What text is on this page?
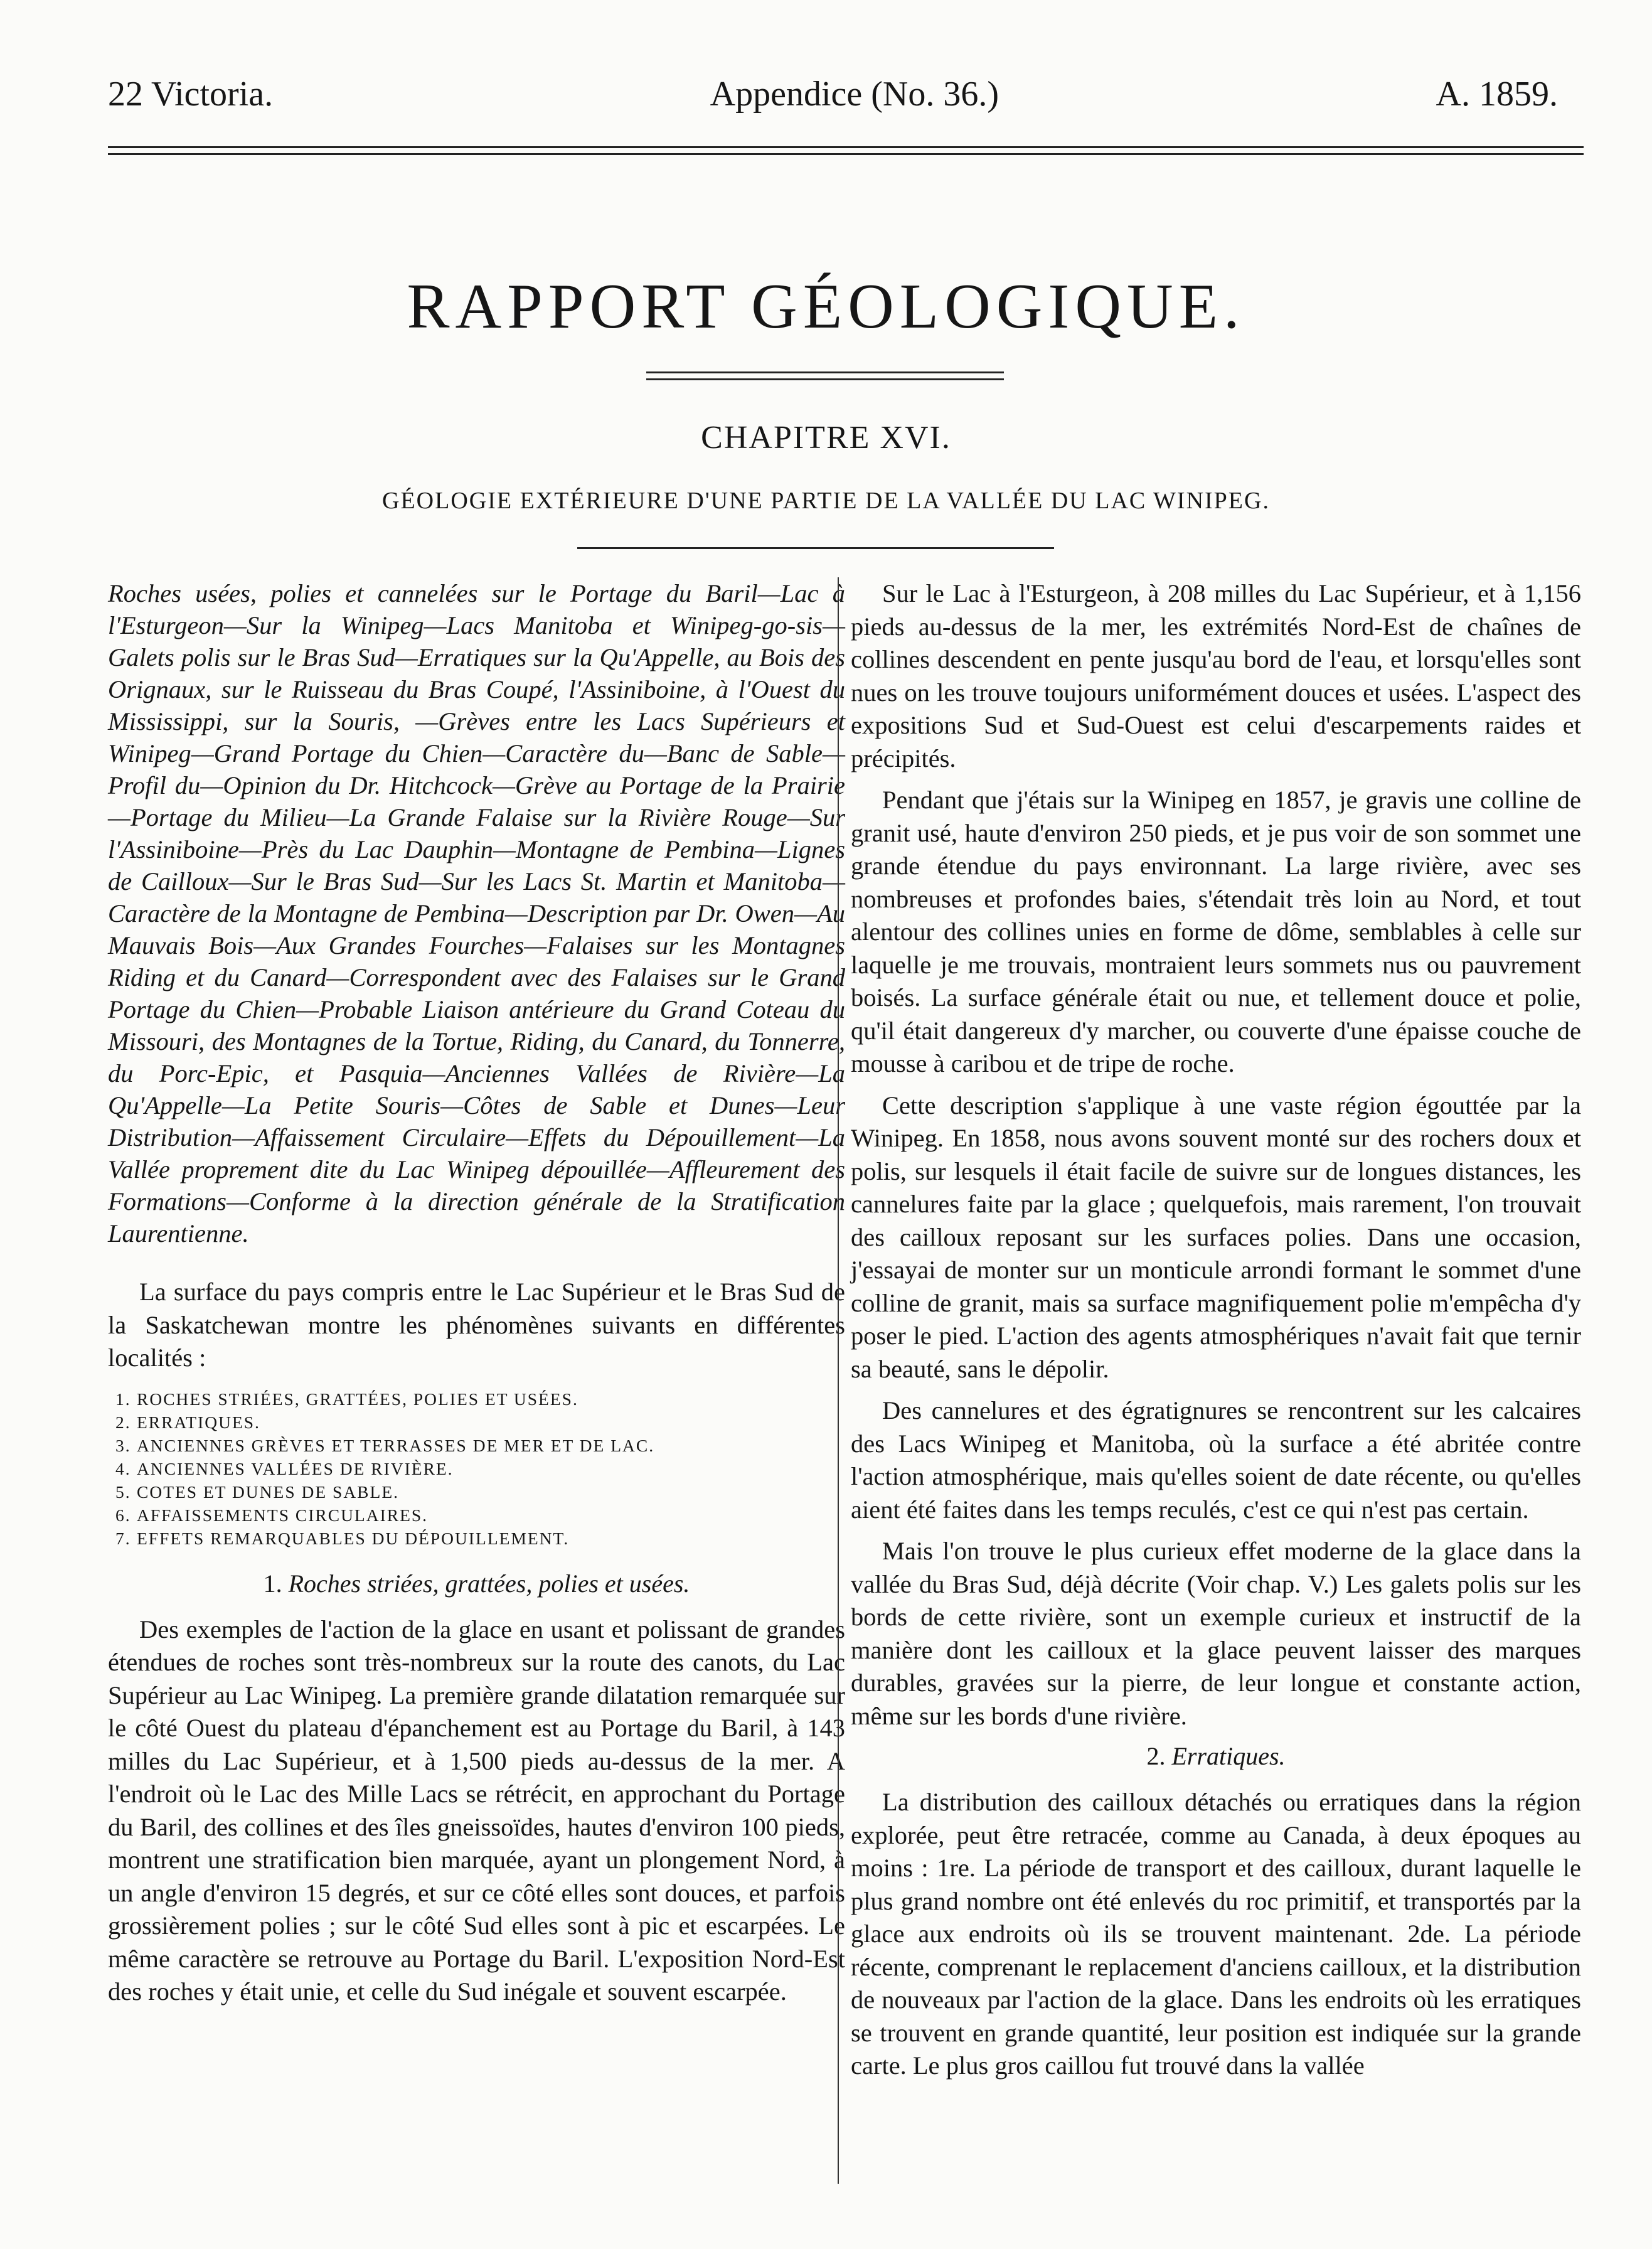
22 Victoria.	Appendice (No. 36.)	A. 1859.
RAPPORT GÉOLOGIQUE.
CHAPITRE XVI.
GÉOLOGIE EXTÉRIEURE D'UNE PARTIE DE LA VALLÉE DU LAC WINIPEG.

Roches usées, polies et cannelées sur le Portage du Baril—Lac à l'Esturgeon—Sur la Winipeg—Lacs Manitoba et Winipeg-go-sis—Galets polis sur le Bras Sud—Erratiques sur la Qu'Appelle, au Bois des Orignaux, sur le Ruisseau du Bras Coupé, l'Assiniboine, à l'Ouest du Mississippi, sur la Souris, —Grèves entre les Lacs Supérieurs et Winipeg—Grand Portage du Chien—Caractère du—Banc de Sable—Profil du—Opinion du Dr. Hitchcock—Grève au Portage de la Prairie —Portage du Milieu—La Grande Falaise sur la Rivière Rouge—Sur l'Assiniboine—Près du Lac Dauphin—Montagne de Pembina—Lignes de Cailloux—Sur le Bras Sud—Sur les Lacs St. Martin et Manitoba—Caractère de la Montagne de Pembina—Description par Dr. Owen—Au Mauvais Bois—Aux Grandes Fourches—Falaises sur les Montagnes Riding et du Canard—Correspondent avec des Falaises sur le Grand Portage du Chien—Probable Liaison antérieure du Grand Coteau du Missouri, des Montagnes de la Tortue, Riding, du Canard, du Tonnerre, du Porc-Epic, et Pasquia—Anciennes Vallées de Rivière—La Qu'Appelle—La Petite Souris—Côtes de Sable et Dunes—Leur Distribution—Affaissement Circulaire—Effets du Dépouillement—La Vallée proprement dite du Lac Winipeg dépouillée—Affleurement des Formations—Conforme à la direction générale de la Stratification Laurentienne.

La surface du pays compris entre le Lac Supérieur et le Bras Sud de la Saskatchewan montre les phénomènes suivants en différentes localités :

1. ROCHES STRIÉES, GRATTÉES, POLIES ET USÉES.
2. ERRATIQUES.
3. ANCIENNES GRÈVES ET TERRASSES DE MER ET DE LAC.
4. ANCIENNES VALLÉES DE RIVIÈRE.
5. COTES ET DUNES DE SABLE.
6. AFFAISSEMENTS CIRCULAIRES.
7. EFFETS REMARQUABLES DU DÉPOUILLEMENT.
1. Roches striées, grattées, polies et usées.

Des exemples de l'action de la glace en usant et polissant de grandes étendues de roches sont très-nombreux sur la route des canots, du Lac Supérieur au Lac Winipeg. La première grande dilatation remarquée sur le côté Ouest du plateau d'épanchement est au Portage du Baril, à 143 milles du Lac Supérieur, et à 1,500 pieds au-dessus de la mer. A l'endroit où le Lac des Mille Lacs se rétrécit, en approchant du Portage du Baril, des collines et des îles gneissoïdes, hautes d'environ 100 pieds, montrent une stratification bien marquée, ayant un plongement Nord, à un angle d'environ 15 degrés, et sur ce côté elles sont douces, et parfois grossièrement polies ; sur le côté Sud elles sont à pic et escarpées. Le même caractère se retrouve au Portage du Baril. L'exposition Nord-Est des roches y était unie, et celle du Sud inégale et souvent escarpée.

Sur le Lac à l'Esturgeon, à 208 milles du Lac Supérieur, et à 1,156 pieds au-dessus de la mer, les extrémités Nord-Est de chaînes de collines descendent en pente jusqu'au bord de l'eau, et lorsqu'elles sont nues on les trouve toujours uniformément douces et usées. L'aspect des expositions Sud et Sud-Ouest est celui d'escarpements raides et précipités.

Pendant que j'étais sur la Winipeg en 1857, je gravis une colline de granit usé, haute d'environ 250 pieds, et je pus voir de son sommet une grande étendue du pays environnant. La large rivière, avec ses nombreuses et profondes baies, s'étendait très loin au Nord, et tout alentour des collines unies en forme de dôme, semblables à celle sur laquelle je me trouvais, montraient leurs sommets nus ou pauvrement boisés. La surface générale était ou nue, et tellement douce et polie, qu'il était dangereux d'y marcher, ou couverte d'une épaisse couche de mousse à caribou et de tripe de roche.

Cette description s'applique à une vaste région égouttée par la Winipeg. En 1858, nous avons souvent monté sur des rochers doux et polis, sur lesquels il était facile de suivre sur de longues distances, les cannelures faite par la glace ; quelquefois, mais rarement, l'on trouvait des cailloux reposant sur les surfaces polies. Dans une occasion, j'essayai de monter sur un monticule arrondi formant le sommet d'une colline de granit, mais sa surface magnifiquement polie m'empêcha d'y poser le pied. L'action des agents atmosphériques n'avait fait que ternir sa beauté, sans le dépolir.

Des cannelures et des égratignures se rencontrent sur les calcaires des Lacs Winipeg et Manitoba, où la surface a été abritée contre l'action atmosphérique, mais qu'elles soient de date récente, ou qu'elles aient été faites dans les temps reculés, c'est ce qui n'est pas certain.

Mais l'on trouve le plus curieux effet moderne de la glace dans la vallée du Bras Sud, déjà décrite (Voir chap. V.) Les galets polis sur les bords de cette rivière, sont un exemple curieux et instructif de la manière dont les cailloux et la glace peuvent laisser des marques durables, gravées sur la pierre, de leur longue et constante action, même sur les bords d'une rivière.

2. Erratiques.

La distribution des cailloux détachés ou erratiques dans la région explorée, peut être retracée, comme au Canada, à deux époques au moins : 1re. La période de transport et des cailloux, durant laquelle le plus grand nombre ont été enlevés du roc primitif, et transportés par la glace aux endroits où ils se trouvent maintenant. 2de. La période récente, comprenant le replacement d'anciens cailloux, et la distribution de nouveaux par l'action de la glace. Dans les endroits où les erratiques se trouvent en grande quantité, leur position est indiquée sur la grande carte. Le plus gros caillou fut trouvé dans la vallée
